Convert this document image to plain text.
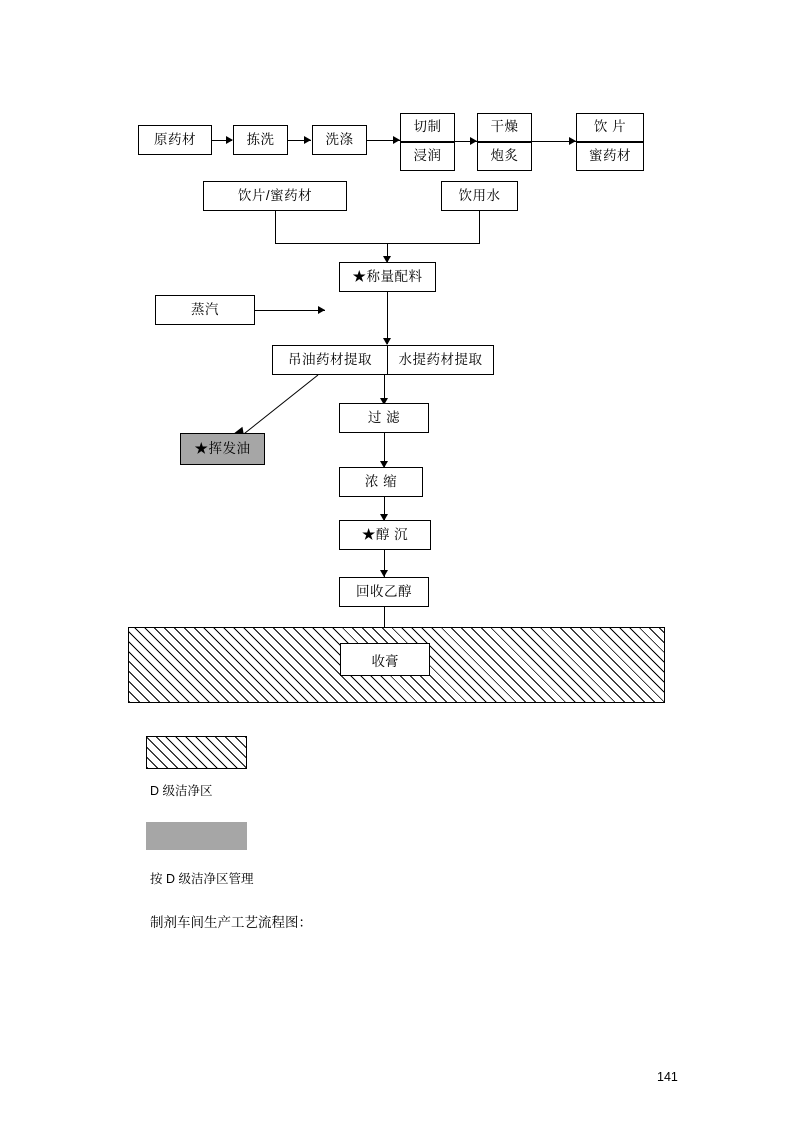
原药材	拣洗	洗涤
切制
浸润
干燥
炮炙
饮 片
蜜药材
饮片/蜜药材	饮用水
★称量配料
蒸汽
吊油药材提取	水提药材提取
★挥发油
过 滤
浓 缩
★醇 沉
回收乙醇
收膏
D 级洁净区
按 D 级洁净区管理
制剂车间生产工艺流程图：
141
